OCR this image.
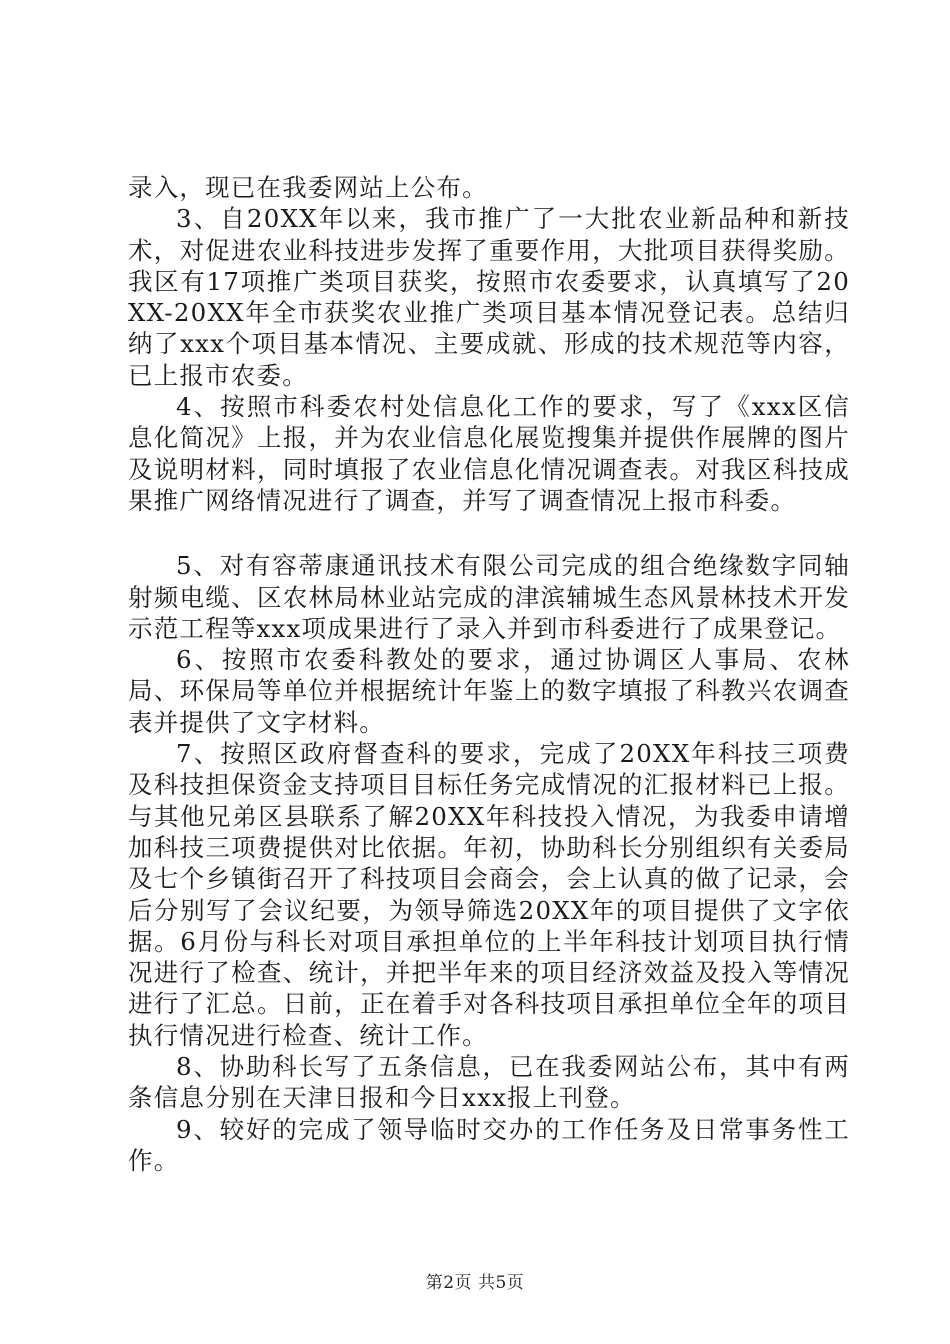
录入，现已在我委网站上公布。

3、自20XX年以来，我市推广了一大批农业新品种和新技术，对促进农业科技进步发挥了重要作用，大批项目获得奖励。我区有17项推广类项目获奖，按照市农委要求，认真填写了20XX-20XX年全市获奖农业推广类项目基本情况登记表。总结归纳了xxx个项目基本情况、主要成就、形成的技术规范等内容，已上报市农委。

4、按照市科委农村处信息化工作的要求，写了《xxx区信息化简况》上报，并为农业信息化展览搜集并提供作展牌的图片及说明材料，同时填报了农业信息化情况调查表。对我区科技成果推广网络情况进行了调查，并写了调查情况上报市科委。

5、对有容蒂康通讯技术有限公司完成的组合绝缘数字同轴射频电缆、区农林局林业站完成的津滨辅城生态风景林技术开发示范工程等xxx项成果进行了录入并到市科委进行了成果登记。

6、按照市农委科教处的要求，通过协调区人事局、农林局、环保局等单位并根据统计年鉴上的数字填报了科教兴农调查表并提供了文字材料。

7、按照区政府督查科的要求，完成了20XX年科技三项费及科技担保资金支持项目目标任务完成情况的汇报材料已上报。与其他兄弟区县联系了解20XX年科技投入情况，为我委申请增加科技三项费提供对比依据。年初，协助科长分别组织有关委局及七个乡镇街召开了科技项目会商会，会上认真的做了记录，会后分别写了会议纪要，为领导筛选20XX年的项目提供了文字依据。6月份与科长对项目承担单位的上半年科技计划项目执行情况进行了检查、统计，并把半年来的项目经济效益及投入等情况进行了汇总。日前，正在着手对各科技项目承担单位全年的项目执行情况进行检查、统计工作。

8、协助科长写了五条信息，已在我委网站公布，其中有两条信息分别在天津日报和今日xxx报上刊登。

9、较好的完成了领导临时交办的工作任务及日常事务性工作。

第2页 共5页
